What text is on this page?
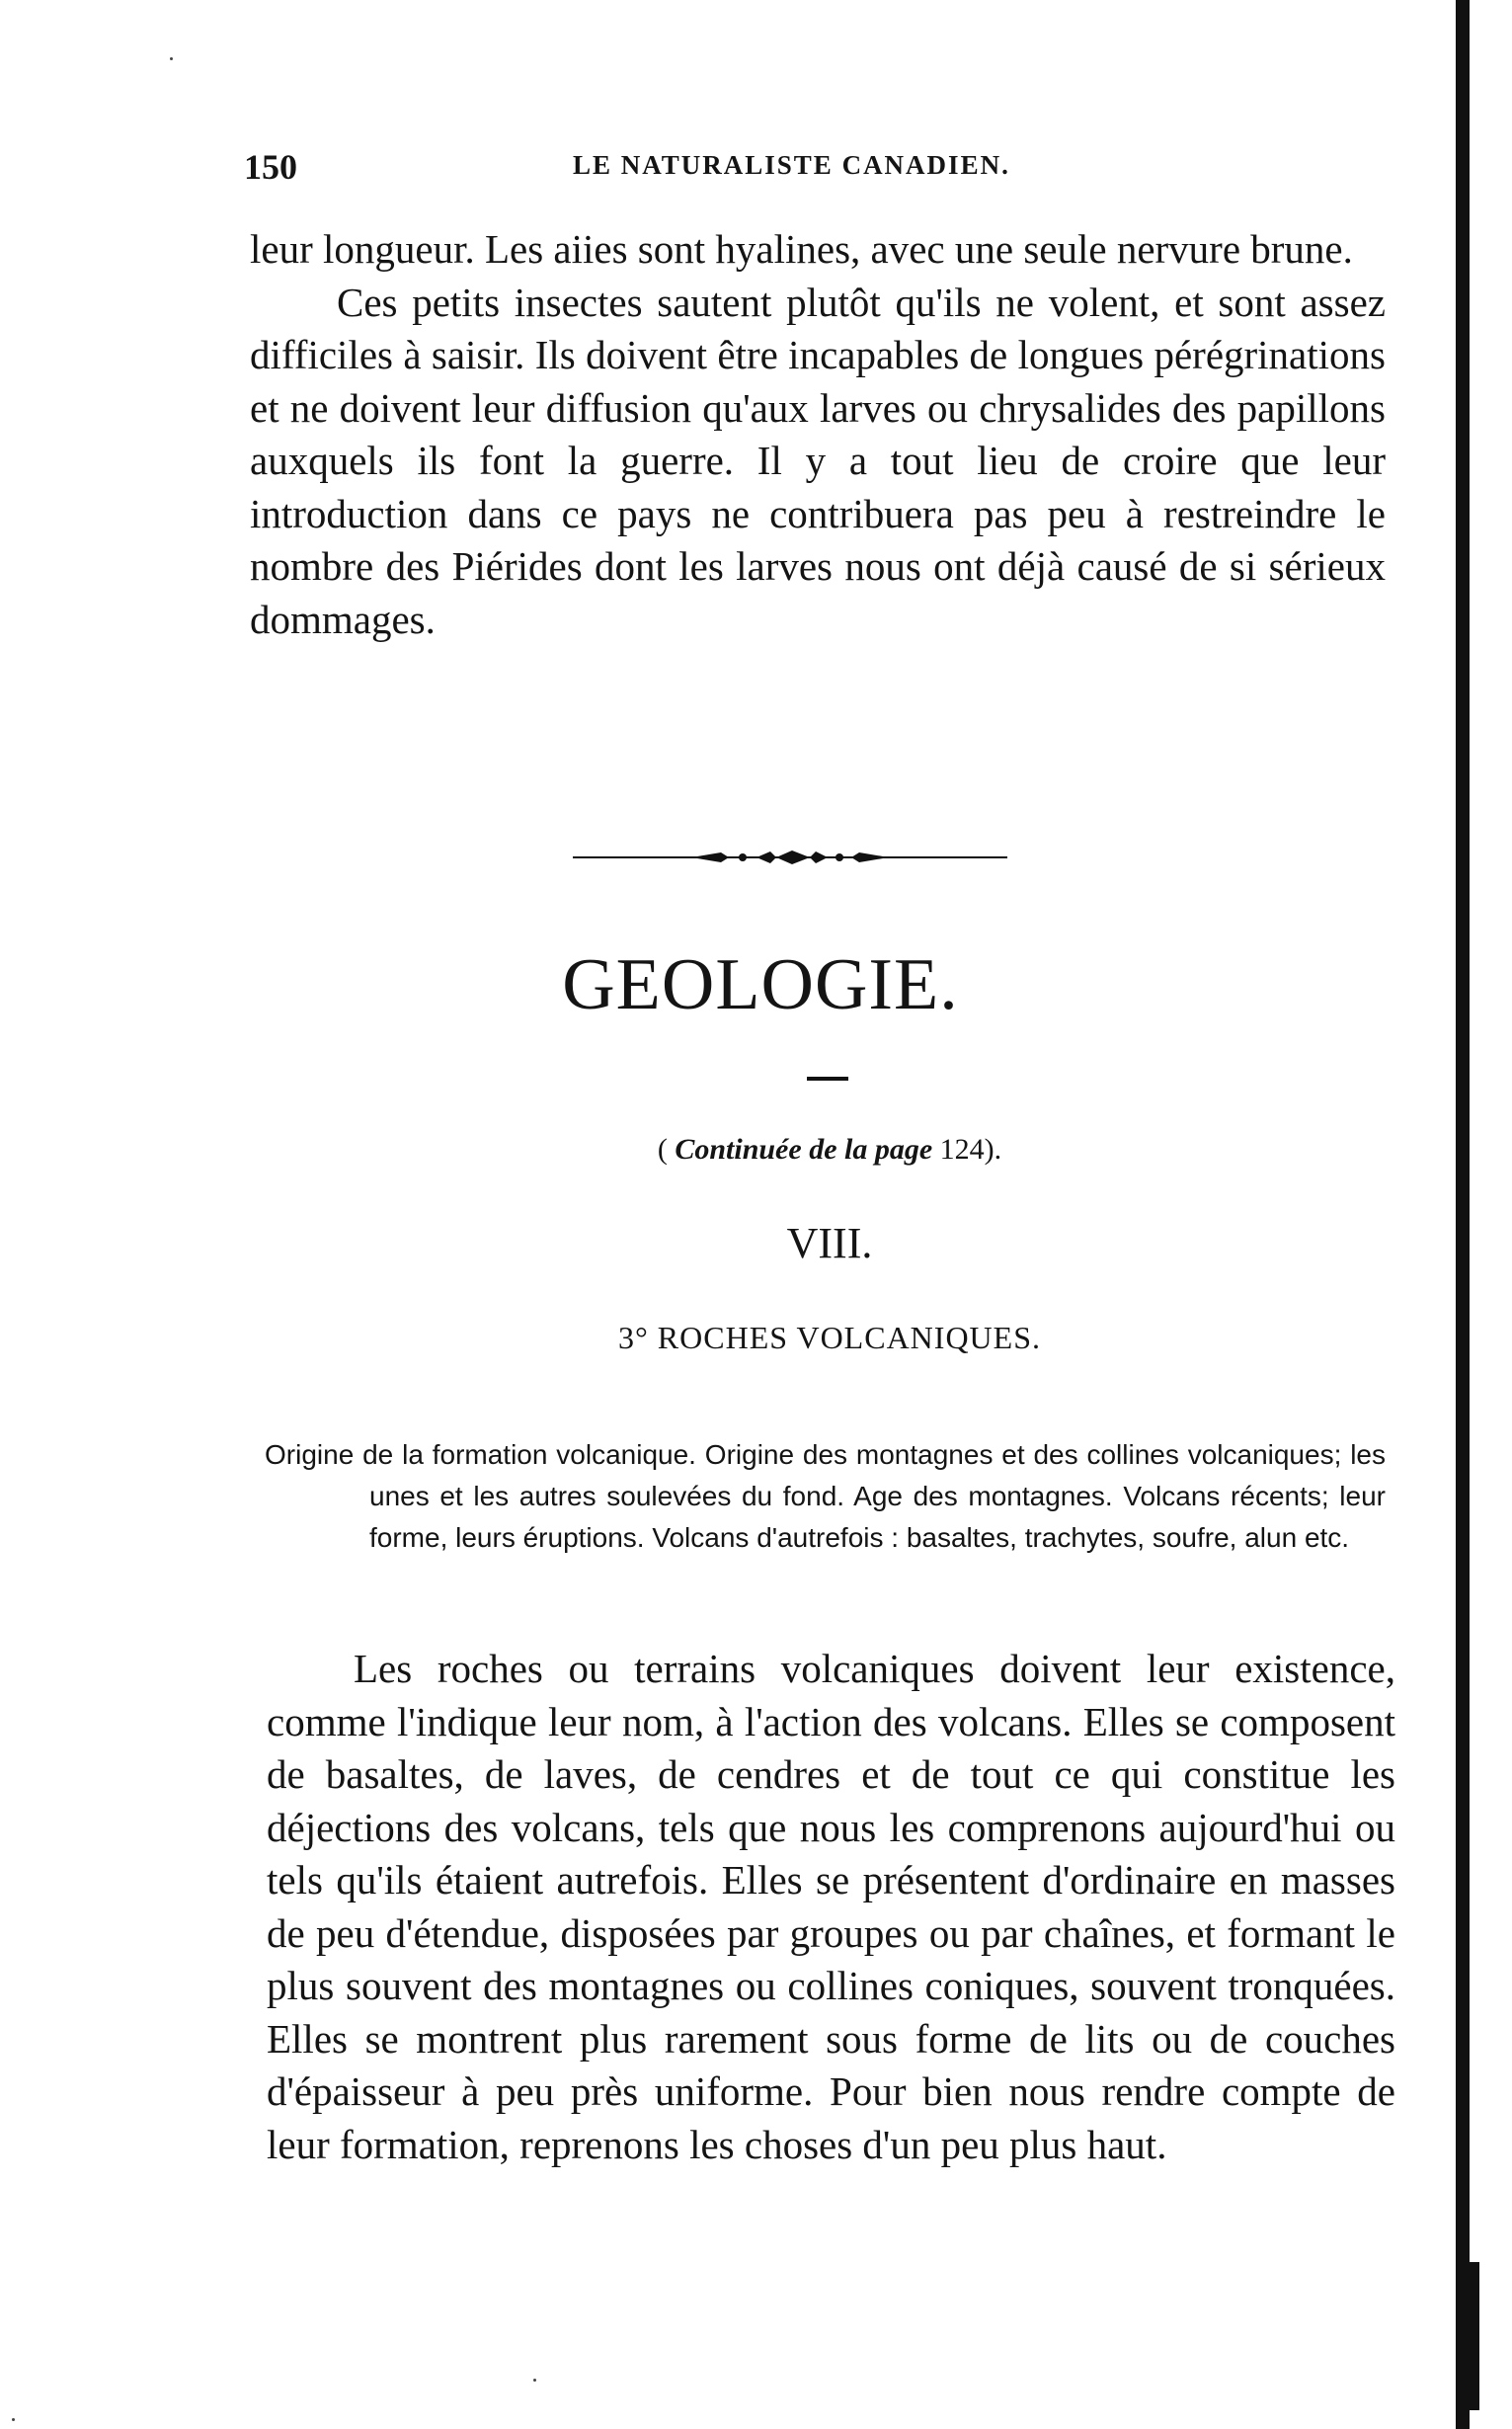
150	LE NATURALISTE CANADIEN.

leur longueur. Les aiies sont hyalines, avec une seule nervure brune.

Ces petits insectes sautent plutôt qu'ils ne volent, et sont assez difficiles à saisir. Ils doivent être incapables de longues pérégrinations et ne doivent leur diffusion qu'aux larves ou chrysalides des papillons auxquels ils font la guerre. Il y a tout lieu de croire que leur introduction dans ce pays ne contribuera pas peu à restreindre le nombre des Piérides dont les larves nous ont déjà causé de si sérieux dommages.

GEOLOGIE.
( Continuée de la page 124).
VIII.
3° ROCHES VOLCANIQUES.
Origine de la formation volcanique. Origine des montagnes et des collines volcaniques; les unes et les autres soulevées du fond. Age des montagnes. Volcans récents; leur forme, leurs éruptions. Volcans d'autrefois : basaltes, trachytes, soufre, alun etc.

Les roches ou terrains volcaniques doivent leur existence, comme l'indique leur nom, à l'action des volcans. Elles se composent de basaltes, de laves, de cendres et de tout ce qui constitue les déjections des volcans, tels que nous les comprenons aujourd'hui ou tels qu'ils étaient autrefois. Elles se présentent d'ordinaire en masses de peu d'étendue, disposées par groupes ou par chaînes, et formant le plus souvent des montagnes ou collines coniques, souvent tronquées. Elles se montrent plus rarement sous forme de lits ou de couches d'épaisseur à peu près uniforme. Pour bien nous rendre compte de leur formation, reprenons les choses d'un peu plus haut.
